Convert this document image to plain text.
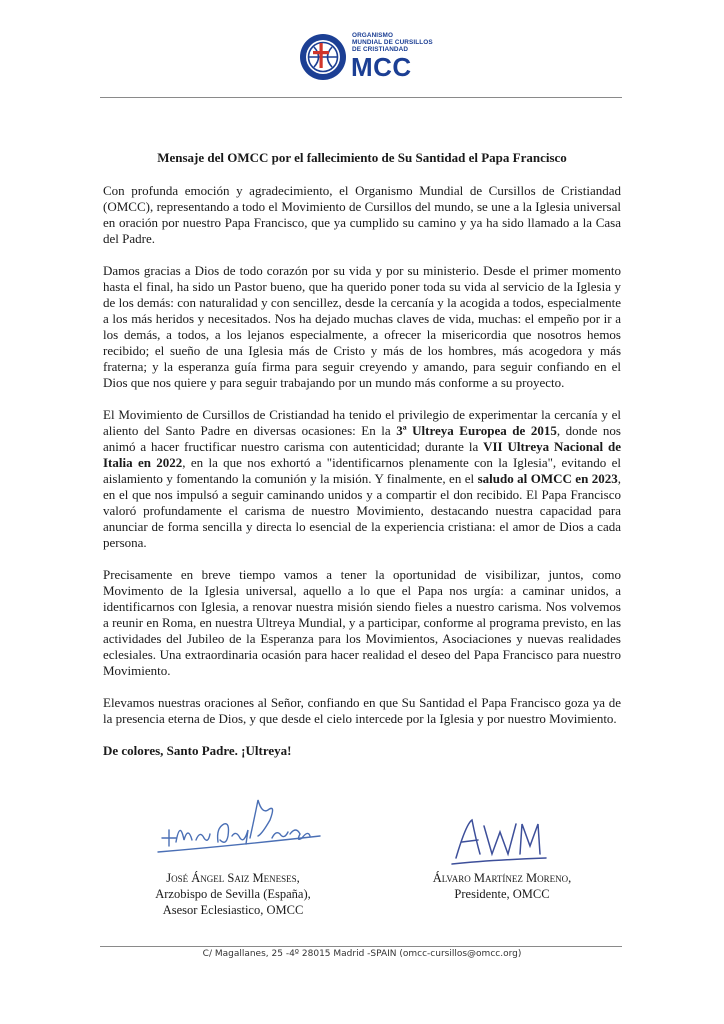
ORGANISMO
MUNDIAL DE CURSILLOS
DE CRISTIANDAD
MCC
Mensaje del OMCC por el fallecimiento de Su Santidad el Papa Francisco

Con profunda emoción y agradecimiento, el Organismo Mundial de Cursillos de Cristiandad (OMCC), representando a todo el Movimiento de Cursillos del mundo, se une a la Iglesia universal en oración por nuestro Papa Francisco, que ya cumplido su camino y ya ha sido llamado a la Casa del Padre.

Damos gracias a Dios de todo corazón por su vida y por su ministerio. Desde el primer momento hasta el final, ha sido un Pastor bueno, que ha querido poner toda su vida al servicio de la Iglesia y de los demás: con naturalidad y con sencillez, desde la cercanía y la acogida a todos, especialmente a los más heridos y necesitados. Nos ha dejado muchas claves de vida, muchas: el empeño por ir a los demás, a todos, a los lejanos especialmente, a ofrecer la misericordia que nosotros hemos recibido; el sueño de una Iglesia más de Cristo y más de los hombres, más acogedora y más fraterna; y la esperanza guía firma para seguir creyendo y amando, para seguir confiando en el Dios que nos quiere y para seguir trabajando por un mundo más conforme a su proyecto.

El Movimiento de Cursillos de Cristiandad ha tenido el privilegio de experimentar la cercanía y el aliento del Santo Padre en diversas ocasiones: En la 3ª Ultreya Europea de 2015, donde nos animó a hacer fructificar nuestro carisma con autenticidad; durante la VII Ultreya Nacional de Italia en 2022, en la que nos exhortó a "identificarnos plenamente con la Iglesia", evitando el aislamiento y fomentando la comunión y la misión. Y finalmente, en el saludo al OMCC en 2023, en el que nos impulsó a seguir caminando unidos y a compartir el don recibido. El Papa Francisco valoró profundamente el carisma de nuestro Movimiento, destacando nuestra capacidad para anunciar de forma sencilla y directa lo esencial de la experiencia cristiana: el amor de Dios a cada persona.

Precisamente en breve tiempo vamos a tener la oportunidad de visibilizar, juntos, como Movimento de la Iglesia universal, aquello a lo que el Papa nos urgía: a caminar unidos, a identificarnos con Iglesia, a renovar nuestra misión siendo fieles a nuestro carisma. Nos volvemos a reunir en Roma, en nuestra Ultreya Mundial, y a participar, conforme al programa previsto, en las actividades del Jubileo de la Esperanza para los Movimientos, Asociaciones y nuevas realidades eclesiales. Una extraordinaria ocasión para hacer realidad el deseo del Papa Francisco para nuestro Movimiento.

Elevamos nuestras oraciones al Señor, confiando en que Su Santidad el Papa Francisco goza ya de la presencia eterna de Dios, y que desde el cielo intercede por la Iglesia y por nuestro Movimiento.

De colores, Santo Padre. ¡Ultreya!

José Ángel Saiz Meneses,
Arzobispo de Sevilla (España),
Asesor Eclesiastico, OMCC
Álvaro Martínez Moreno,
Presidente, OMCC
C/ Magallanes, 25 -4º 28015 Madrid -SPAIN (omcc-cursillos@omcc.org)
